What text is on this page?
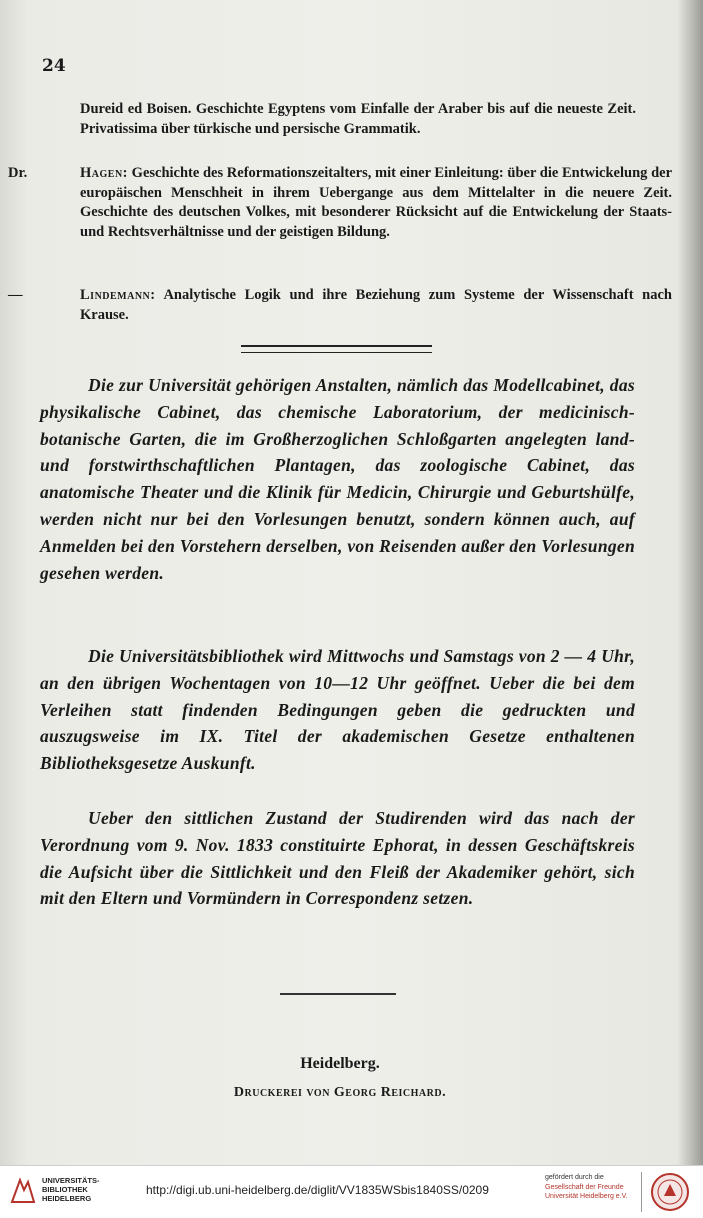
24
Dureid ed Boisen. Geschichte Egyptens vom Einfalle der Araber bis auf die neueste Zeit. Privatissima über türkische und persische Grammatik.
Dr.	Hagen: Geschichte des Reformationszeitalters, mit einer Einleitung: über die Entwickelung der europäischen Menschheit in ihrem Uebergange aus dem Mittelalter in die neuere Zeit. Geschichte des deutschen Volkes, mit besonderer Rücksicht auf die Entwickelung der Staats- und Rechtsverhältnisse und der geistigen Bildung.
—	Lindemann: Analytische Logik und ihre Beziehung zum Systeme der Wissenschaft nach Krause.
Die zur Universität gehörigen Anstalten, nämlich das Modellcabinet, das physikalische Cabinet, das chemische Laboratorium, der medicinisch-botanische Garten, die im Großherzoglichen Schloßgarten angelegten land- und forstwirthschaftlichen Plantagen, das zoologische Cabinet, das anatomische Theater und die Klinik für Medicin, Chirurgie und Geburtshülfe, werden nicht nur bei den Vorlesungen benutzt, sondern können auch, auf Anmelden bei den Vorstehern derselben, von Reisenden außer den Vorlesungen gesehen werden.
Die Universitätsbibliothek wird Mittwochs und Samstags von 2 — 4 Uhr, an den übrigen Wochentagen von 10—12 Uhr geöffnet. Ueber die bei dem Verleihen statt findenden Bedingungen geben die gedruckten und auszugsweise im IX. Titel der akademischen Gesetze enthaltenen Bibliotheksgesetze Auskunft.
Ueber den sittlichen Zustand der Studirenden wird das nach der Verordnung vom 9. Nov. 1833 constituirte Ephorat, in dessen Geschäftskreis die Aufsicht über die Sittlichkeit und den Fleiß der Akademiker gehört, sich mit den Eltern und Vormündern in Correspondenz setzen.
Heidelberg.
Druckerei von Georg Reichard.
UNIVERSITÄTS-
BIBLIOTHEK
HEIDELBERG
http://digi.ub.uni-heidelberg.de/diglit/VV1835WSbis1840SS/0209
gefördert durch die
Gesellschaft der Freunde
Universität Heidelberg e.V.
